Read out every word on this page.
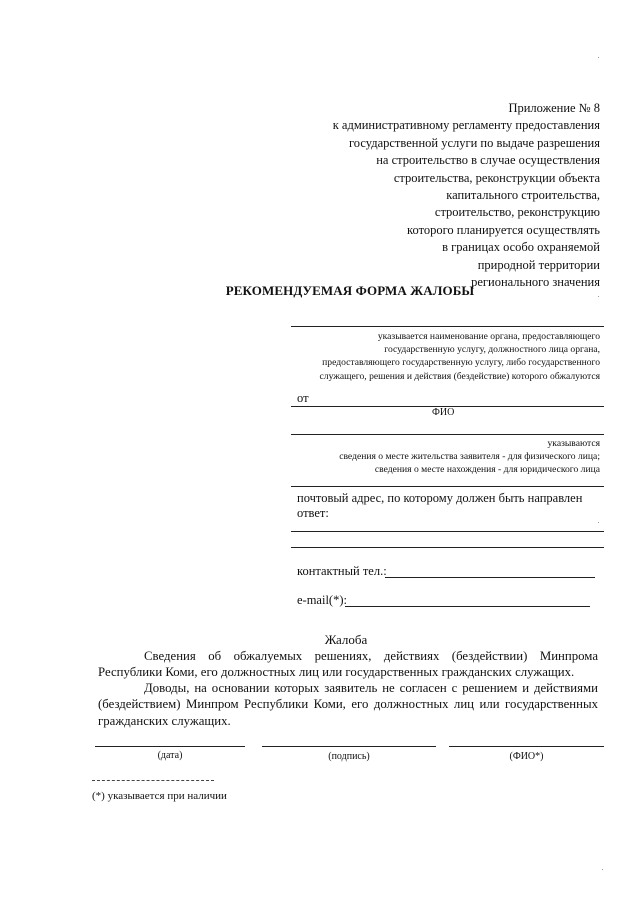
Приложение № 8
к административному регламенту предоставления
государственной услуги по выдаче разрешения
на строительство в случае осуществления
строительства, реконструкции объекта
капитального строительства,
строительство, реконструкцию
которого планируется осуществлять
в границах особо охраняемой
природной территории
регионального значения
РЕКОМЕНДУЕМАЯ ФОРМА ЖАЛОБЫ
указывается наименование органа, предоставляющего
государственную услугу, должностного лица органа,
предоставляющего государственную услугу, либо государственного
служащего, решения и действия (бездействие) которого обжалуются
от
ФИО
указываются
сведения о месте жительства заявителя - для физического лица;
сведения о месте нахождения - для юридического лица
почтовый адрес, по которому должен быть направлен
ответ:
контактный тел.:
e-mail(*):
Жалоба
Сведения об обжалуемых решениях, действиях (бездействии) Минпрома Республики Коми, его должностных лиц или государственных гражданских служащих.
Доводы, на основании которых заявитель не согласен с решением и действиями (бездействием) Минпром Республики Коми, его должностных лиц или государственных гражданских служащих.
(дата)	(подпись)	(ФИО*)
(*) указывается при наличии
